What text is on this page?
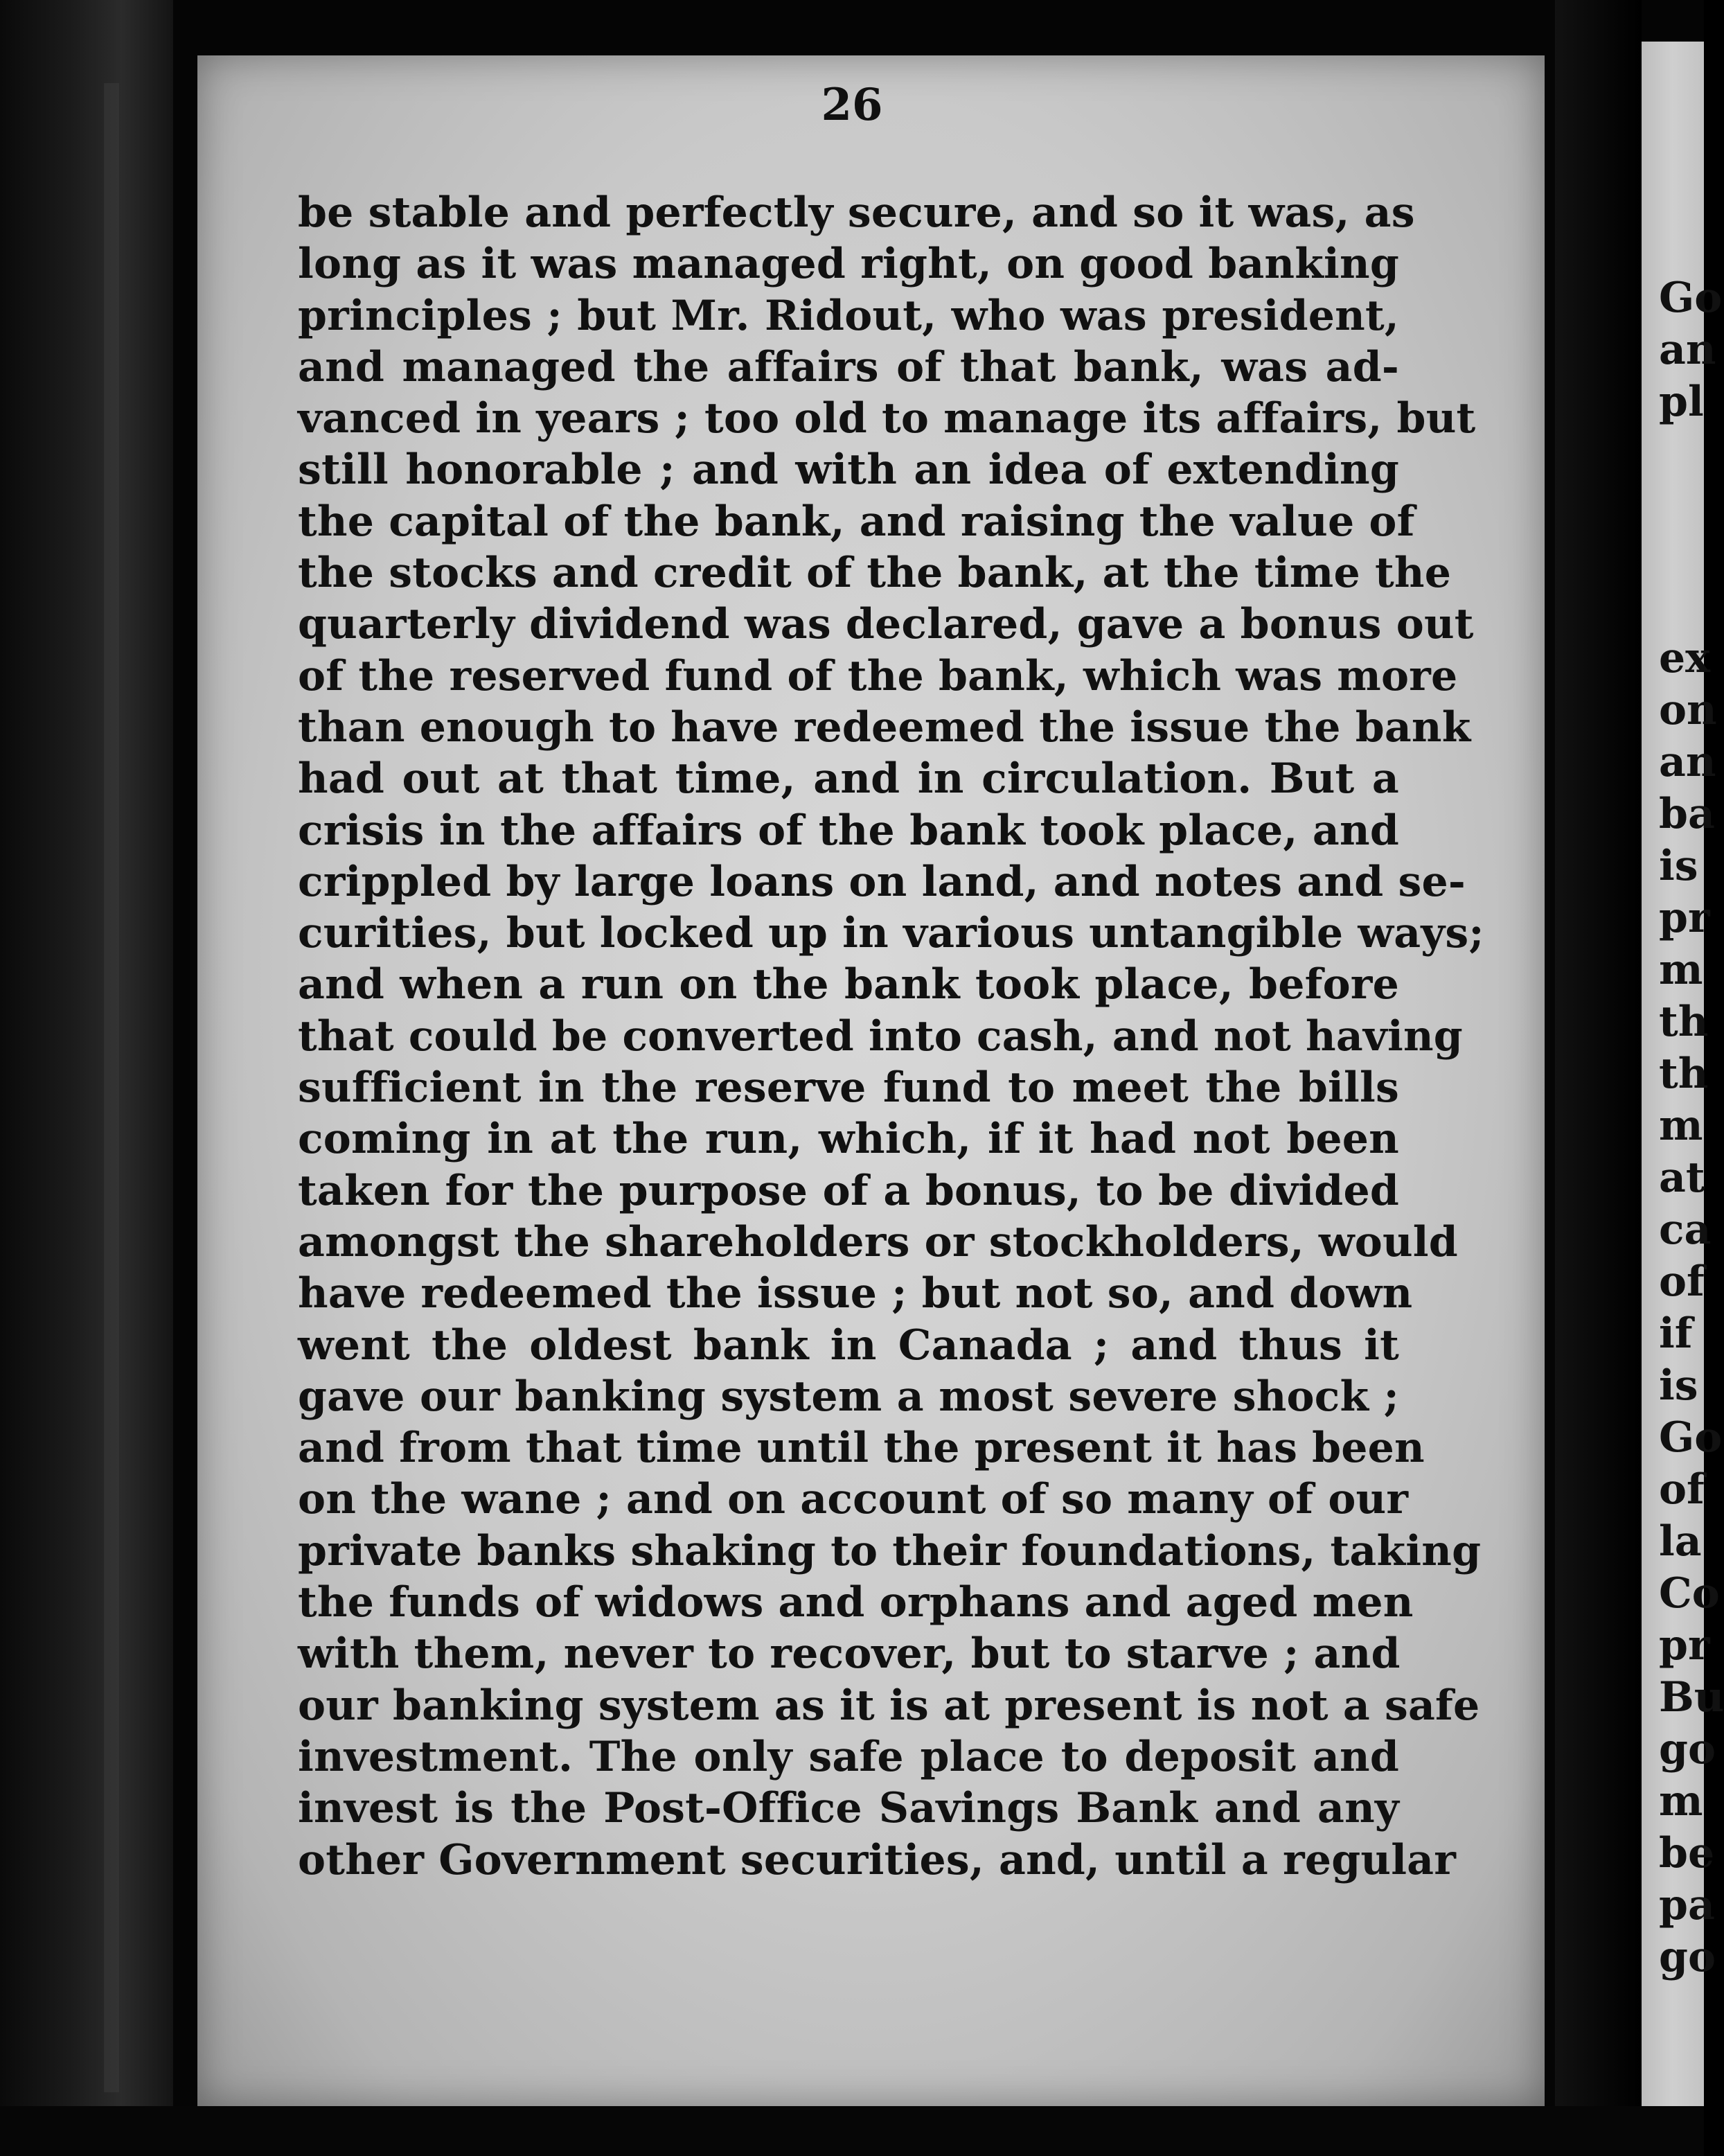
26
be stable and perfectly secure, and so it was, as
long as it was managed right, on good banking
principles ; but Mr. Ridout, who was president,
and managed the affairs of that bank, was ad-
vanced in years ; too old to manage its affairs, but
still honorable ; and with an idea of extending
the capital of the bank, and raising the value of
the stocks and credit of the bank, at the time the
quarterly dividend was declared, gave a bonus out
of the reserved fund of the bank, which was more
than enough to have redeemed the issue the bank
had out at that time, and in circulation. But a
crisis in the affairs of the bank took place, and
crippled by large loans on land, and notes and se-
curities, but locked up in various untangible ways;
and when a run on the bank took place, before
that could be converted into cash, and not having
sufficient in the reserve fund to meet the bills
coming in at the run, which, if it had not been
taken for the purpose of a bonus, to be divided
amongst the shareholders or stockholders, would
have redeemed the issue ; but not so, and down
went the oldest bank in Canada ; and thus it
gave our banking system a most severe shock ;
and from that time until the present it has been
on the wane ; and on account of so many of our
private banks shaking to their foundations, taking
the funds of widows and orphans and aged men
with them, never to recover, but to starve ; and
our banking system as it is at present is not a safe
investment. The only safe place to deposit and
invest is the Post-Office Savings Bank and any
other Government securities, and, until a regular
Go
an
pl
ex
on
an
ba
is
pr
m
th
th
m
at
ca
of
if
is
Go
of
la
Co
pr
Bu
go
m
be
pa
go
